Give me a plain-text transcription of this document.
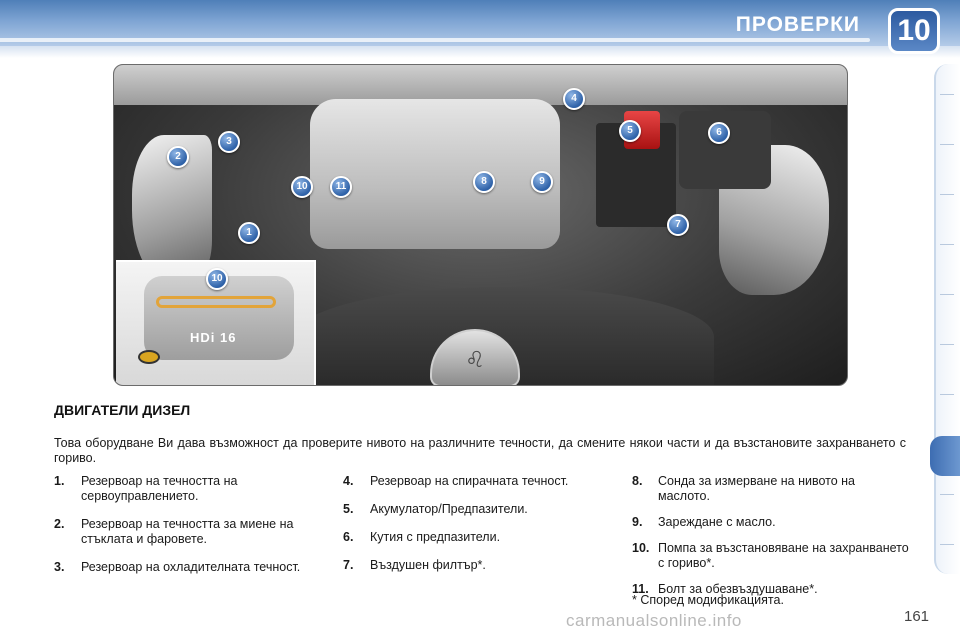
ПРОВЕРКИ	10
♌
HDi 16
10
1
2
3
4
5	6
7
8	9
10	11
ДВИГАТЕЛИ ДИЗЕЛ
Това оборудване Ви дава възможност да проверите нивото на различните течности, да смените някои части и да възстановите захранването с гориво.
1. Резервоар на течността на сервоуправлението.
2. Резервоар на течността за миене на стъклата и фаровете.
3. Резервоар на охладителната течност.
4. Резервоар на спирачната течност.
5. Акумулатор/Предпазители.
6. Кутия с предпазители.
7. Въздушен филтър*.
8. Сонда за измерване на нивото на маслото.
9. Зареждане с масло.
10. Помпа за възстановяване на захранването с гориво*.
11. Болт за обезвъздушаване*.
* Според модификацията.
carmanualsonline.info	161
